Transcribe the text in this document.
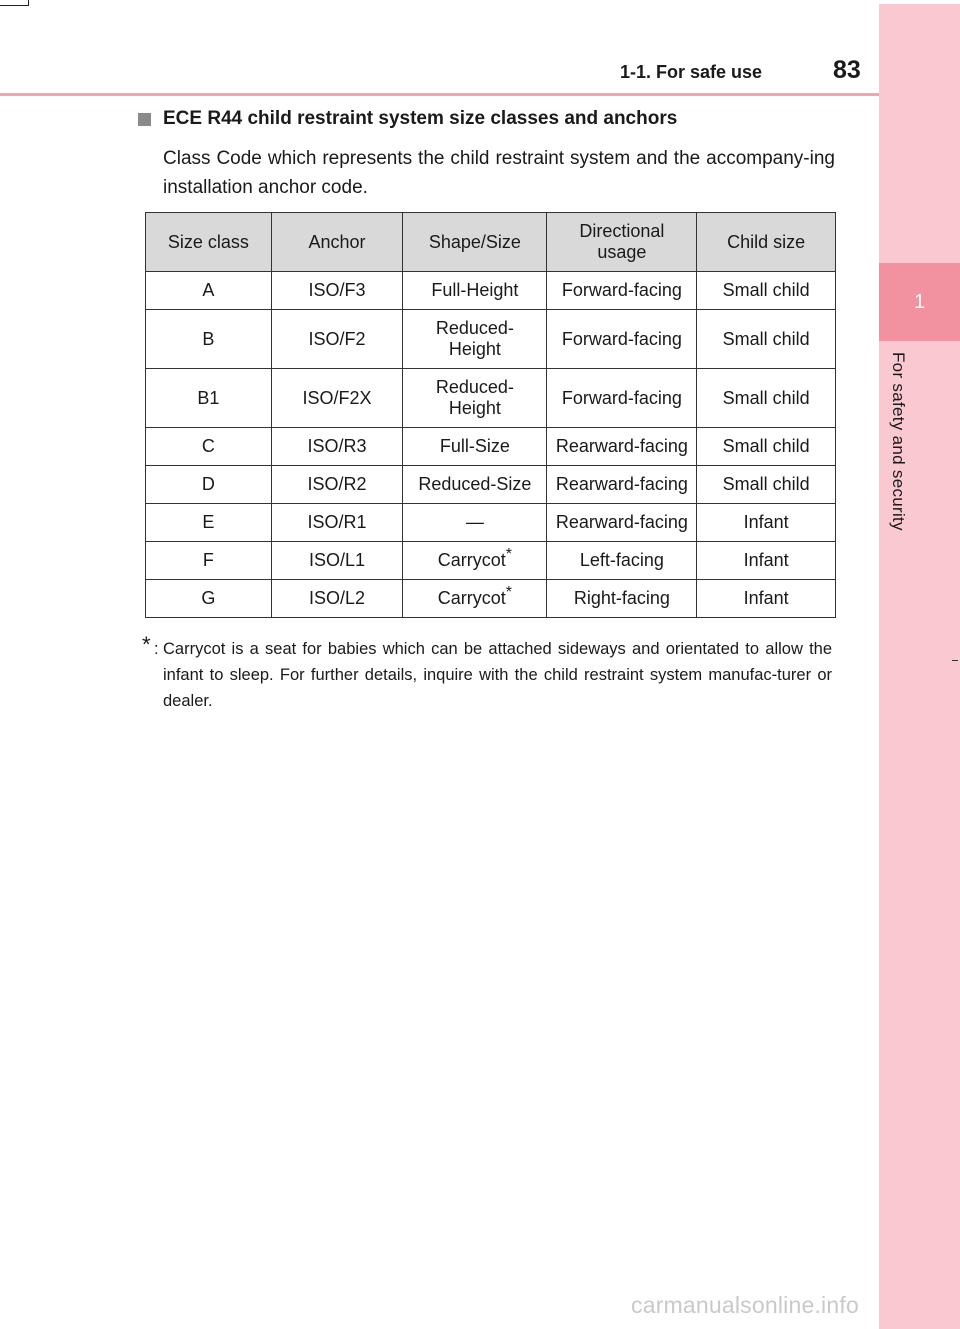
1
For safety and security
1-1. For safe use	83
ECE R44 child restraint system size classes and anchors
Class Code which represents the child restraint system and the accompany-ing installation anchor code.
Size class	Anchor	Shape/Size	Directional usage	Child size
A	ISO/F3	Full-Height	Forward-facing	Small child
B	ISO/F2	Reduced-Height	Forward-facing	Small child
B1	ISO/F2X	Reduced-Height	Forward-facing	Small child
C	ISO/R3	Full-Size	Rearward-facing	Small child
D	ISO/R2	Reduced-Size	Rearward-facing	Small child
E	ISO/R1	—	Rearward-facing	Infant
F	ISO/L1	Carrycot*	Left-facing	Infant
G	ISO/L2	Carrycot*	Right-facing	Infant
* : Carrycot is a seat for babies which can be attached sideways and orientated to allow the infant to sleep. For further details, inquire with the child restraint system manufac-turer or dealer.
carmanualsonline.info
